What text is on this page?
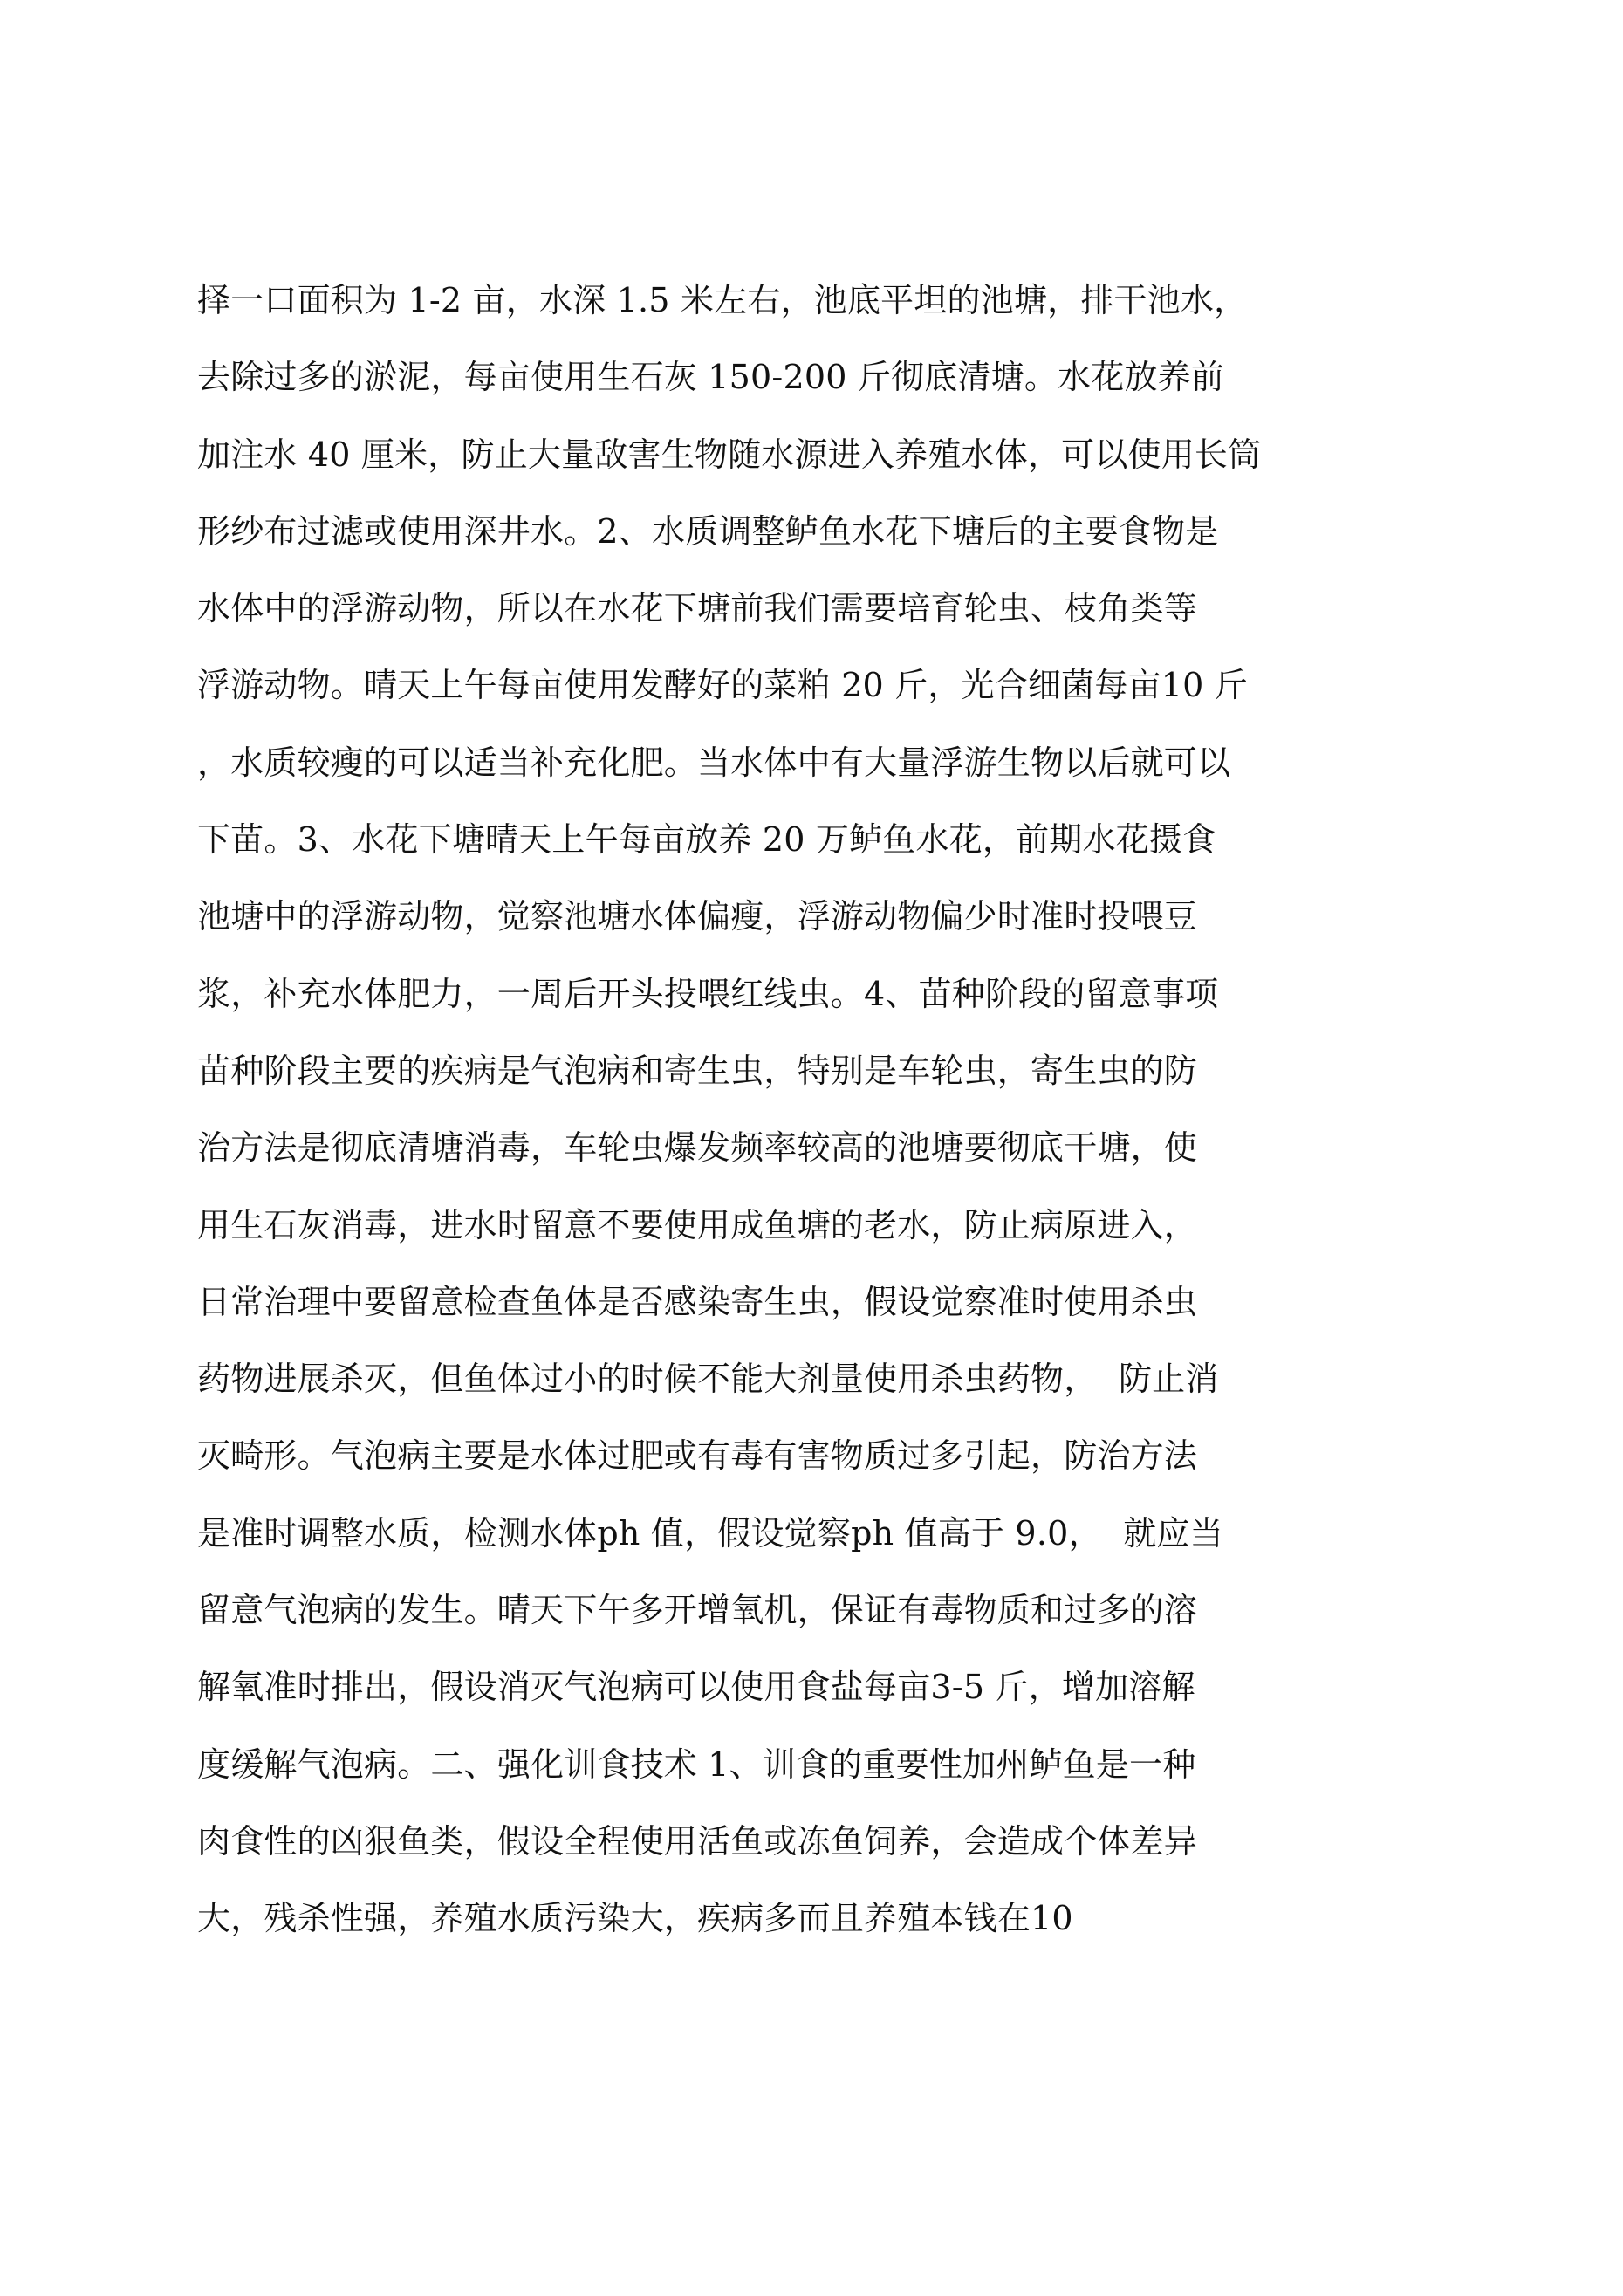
择一口面积为 1-2 亩，水深 1.5 米左右，池底平坦的池塘，排干池水，
去除过多的淤泥，每亩使用生石灰 150-200 斤彻底清塘。水花放养前
加注水 40 厘米，防止大量敌害生物随水源进入养殖水体，可以使用长筒
形纱布过滤或使用深井水。2、水质调整鲈鱼水花下塘后的主要食物是
水体中的浮游动物，所以在水花下塘前我们需要培育轮虫、枝角类等
浮游动物。晴天上午每亩使用发酵好的菜粕 20 斤，光合细菌每亩10 斤
，水质较瘦的可以适当补充化肥。当水体中有大量浮游生物以后就可以
下苗。3、水花下塘晴天上午每亩放养 20 万鲈鱼水花，前期水花摄食
池塘中的浮游动物，觉察池塘水体偏瘦，浮游动物偏少时准时投喂豆
浆，补充水体肥力，一周后开头投喂红线虫。4、苗种阶段的留意事项
苗种阶段主要的疾病是气泡病和寄生虫，特别是车轮虫，寄生虫的防
治方法是彻底清塘消毒，车轮虫爆发频率较高的池塘要彻底干塘，使
用生石灰消毒，进水时留意不要使用成鱼塘的老水，防止病原进入，
日常治理中要留意检查鱼体是否感染寄生虫，假设觉察准时使用杀虫
药物进展杀灭，但鱼体过小的时候不能大剂量使用杀虫药物，  防止消
灭畸形。气泡病主要是水体过肥或有毒有害物质过多引起，防治方法
是准时调整水质，检测水体ph 值，假设觉察ph 值高于 9.0，  就应当
留意气泡病的发生。晴天下午多开增氧机，保证有毒物质和过多的溶
解氧准时排出，假设消灭气泡病可以使用食盐每亩3-5 斤，增加溶解
度缓解气泡病。二、强化训食技术 1、训食的重要性加州鲈鱼是一种
肉食性的凶狠鱼类，假设全程使用活鱼或冻鱼饲养，会造成个体差异
大，残杀性强，养殖水质污染大，疾病多而且养殖本钱在10
